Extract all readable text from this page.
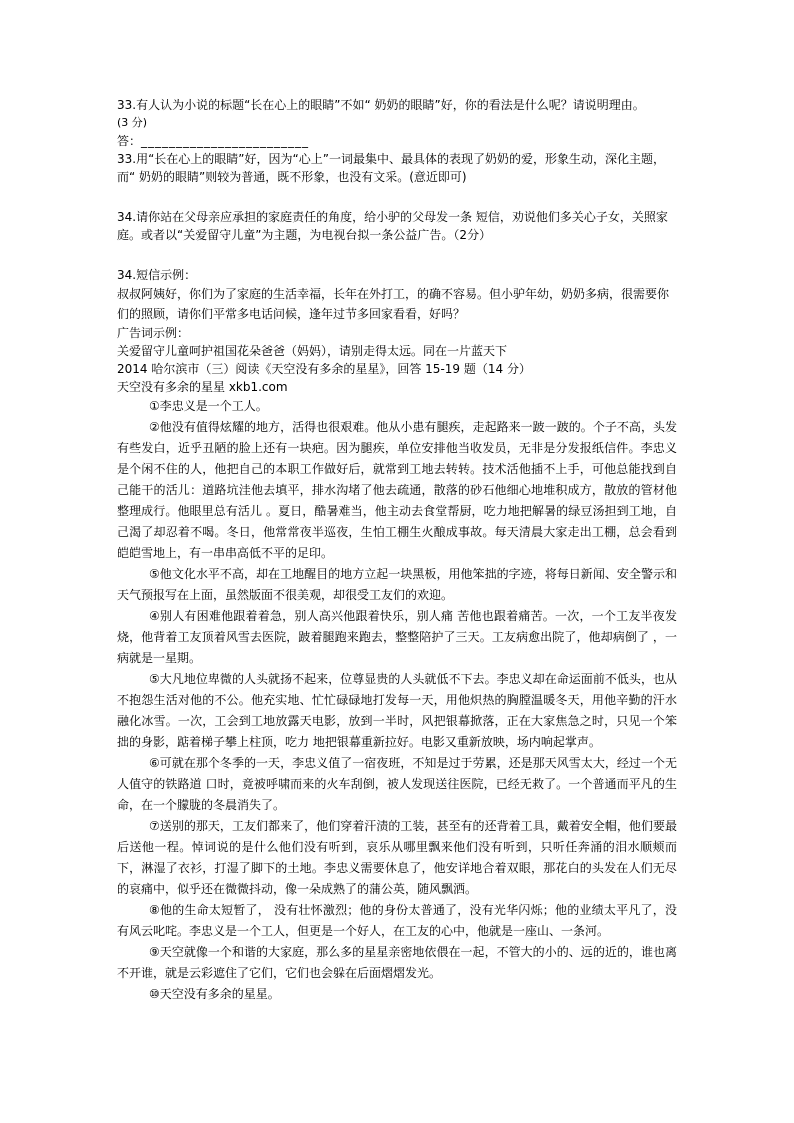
33.有人认为小说的标题“长在心上的眼睛”不如“ 奶奶的眼睛”好，你的看法是什么呢？请说明理由。

(3 分)

答：________________________

33.用“长在心上的眼睛”好，因为“心上”一词最集中、最具体的表现了奶奶的爱，形象生动，深化主题，

而“ 奶奶的眼睛”则较为普通，既不形象，也没有文采。(意近即可)

34.请你站在父母亲应承担的家庭责任的角度，给小驴的父母发一条 短信，劝说他们多关心子女，关照家

庭。或者以“关爱留守儿童”为主题，为电视台拟一条公益广告。（2分）

34.短信示例：

叔叔阿姨好，你们为了家庭的生活幸福，长年在外打工，的确不容易。但小驴年幼，奶奶多病，很需要你

们的照顾，请你们平常多电话问候，逢年过节多回家看看，好吗？

广告词示例：

关爱留守儿童呵护祖国花朵爸爸（妈妈），请别走得太远。同在一片蓝天下

2014 哈尔滨市（三）阅读《天空没有多余的星星》，回答 15-19 题（14 分）

天空没有多余的星星 xkb1.com

①李忠义是一个工人。

②他没有值得炫耀的地方，活得也很艰难。他从小患有腿疾，走起路来一跛一跛的。个子不高，头发有些发白，近乎丑陋的脸上还有一块疤。因为腿疾，单位安排他当收发员，无非是分发报纸信件。李忠义是个闲不住的人，他把自己的本职工作做好后，就常到工地去转转。技术活他插不上手，可他总能找到自己能干的活儿：道路坑洼他去填平，排水沟堵了他去疏通，散落的砂石他细心地堆积成方，散放的管材他整理成行。他眼里总有活儿 。夏日，酷暑难当，他主动去食堂帮厨，吃力地把解暑的绿豆汤担到工地，自己渴了却忍着不喝。冬日，他常常夜半巡夜，生怕工棚生火酿成事故。每天清晨大家走出工棚，总会看到皑皑雪地上，有一串串高低不平的足印。

⑤他文化水平不高，却在工地醒目的地方立起一块黑板，用他笨拙的字迹，将每日新闻、安全警示和天气预报写在上面，虽然版面不很美观，却很受工友们的欢迎。

④别人有困难他跟着着急，别人高兴他跟着快乐，别人痛 苦他也跟着痛苦。一次，一个工友半夜发烧，他背着工友顶着风雪去医院，跛着腿跑来跑去，整整陪护了三天。工友病愈出院了，他却病倒了 ，一病就是一星期。

⑤大凡地位卑微的人头就扬不起来，位尊显贵的人头就低不下去。李忠义却在命运面前不低头，也从不抱怨生活对他的不公。他充实地、忙忙碌碌地打发每一天，用他炽热的胸膛温暖冬天，用他辛勤的汗水融化冰雪。一次，工会到工地放露天电影，放到一半时，风把银幕掀落，正在大家焦急之时，只见一个笨拙的身影，踮着梯子攀上柱顶，吃力 地把银幕重新拉好。电影又重新放映，场内响起掌声。

⑥可就在那个冬季的一天，李忠义值了一宿夜班，不知是过于劳累，还是那天风雪太大，经过一个无人值守的铁路道 口时，竟被呼啸而来的火车刮倒，被人发现送往医院，已经无救了。一个普通而平凡的生命，在一个朦胧的冬晨消失了。

⑦送别的那天，工友们都来了，他们穿着汗渍的工装，甚至有的还背着工具，戴着安全帽，他们要最后送他一程。悼词说的是什么他们没有听到，哀乐从哪里飘来他们没有听到，只听任奔涌的泪水顺颊而下，淋湿了衣衫，打湿了脚下的土地。李忠义需要休息了，他安详地合着双眼，那花白的头发在人们无尽的哀痛中，似乎还在微微抖动，像一朵成熟了的蒲公英，随风飘洒。

⑧他的生命太短暂了， 没有壮怀激烈；他的身份太普通了，没有光华闪烁；他的业绩太平凡了，没有风云叱咤。李忠义是一个工人，但更是一个好人，在工友的心中，他就是一座山、一条河。

⑨天空就像一个和谐的大家庭，那么多的星星亲密地依偎在一起，不管大的小的、远的近的，谁也离不开谁，就是云彩遮住了它们，它们也会躲在后面熠熠发光。

⑩天空没有多余的星星。
